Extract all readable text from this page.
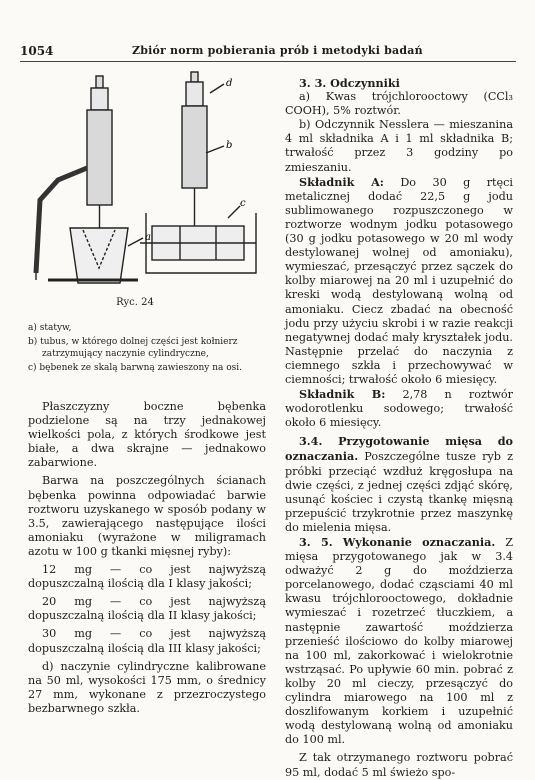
1054	Zbiór norm pobierania prób i metodyki badań
a
d
b
c
Ryc. 24

a) statyw,

b) tubus, w którego dolnej części jest kołnierz zatrzymujący naczynie cylindryczne,

c) bębenek ze skalą barwną zawieszony na osi.

Płaszczyzny boczne bębenka podzielone są na trzy jednakowej wielkości pola, z których środkowe jest białe, a dwa skrajne — jednakowo zabarwione.

Barwa na poszczególnych ścianach bębenka powinna odpowiadać barwie roztworu uzyskanego w sposób podany w 3.5, zawierającego następujące ilości amoniaku (wyrażone w miligramach azotu w 100 g tkanki mięsnej ryby):

12 mg — co jest najwyższą dopuszczalną ilością dla I klasy jakości;

20 mg — co jest najwyższą dopuszczalną ilością dla II klasy jakości;

30 mg — co jest najwyższą dopuszczalną ilością dla III klasy jakości;

d) naczynie cylindryczne kalibrowane na 50 ml, wysokości 175 mm, o średnicy 27 mm, wykonane z przezroczystego bezbarwnego szkła.

3. 3. Odczynniki

a) Kwas trójchlorooctowy (CCl₃ COOH), 5% roztwór.

b) Odczynnik Nesslera — mieszanina 4 ml składnika A i 1 ml składnika B; trwałość przez 3 godziny po zmieszaniu.

Składnik A: Do 30 g rtęci metalicznej dodać 22,5 g jodu sublimowanego rozpuszczonego w roztworze wodnym jodku potasowego (30 g jodku potasowego w 20 ml wody destylowanej wolnej od amoniaku), wymieszać, przesączyć przez sączek do kolby miarowej na 20 ml i uzupełnić do kreski wodą destylowaną wolną od amoniaku. Ciecz zbadać na obecność jodu przy użyciu skrobi i w razie reakcji negatywnej dodać mały kryształek jodu. Następnie przelać do naczynia z ciemnego szkła i przechowywać w ciemności; trwałość około 6 miesięcy.

Składnik B: 2,78 n roztwór wodorotlenku sodowego; trwałość około 6 miesięcy.

3.4. Przygotowanie mięsa do oznaczania. Poszczególne tusze ryb z próbki przeciąć wzdłuż kręgosłupa na dwie części, z jednej części zdjąć skórę, usunąć kościec i czystą tkankę mięsną przepuścić trzykrotnie przez maszynkę do mielenia mięsa.

3. 5. Wykonanie oznaczania. Z mięsa przygotowanego jak w 3.4 odważyć 2 g do moździerza porcelanowego, dodać cząsciami 40 ml kwasu trójchlorooctowego, dokładnie wymieszać i rozetrzeć tłuczkiem, a następnie zawartość moździerza przenieść ilościowo do kolby miarowej na 100 ml, zakorkować i wielokrotnie wstrząsać. Po upływie 60 min. pobrać z kolby 20 ml cieczy, przesączyć do cylindra miarowego na 100 ml z doszlifowanym korkiem i uzupełnić wodą destylowaną wolną od amoniaku do 100 ml.

Z tak otrzymanego roztworu pobrać 95 ml, dodać 5 ml świeżo spo-
